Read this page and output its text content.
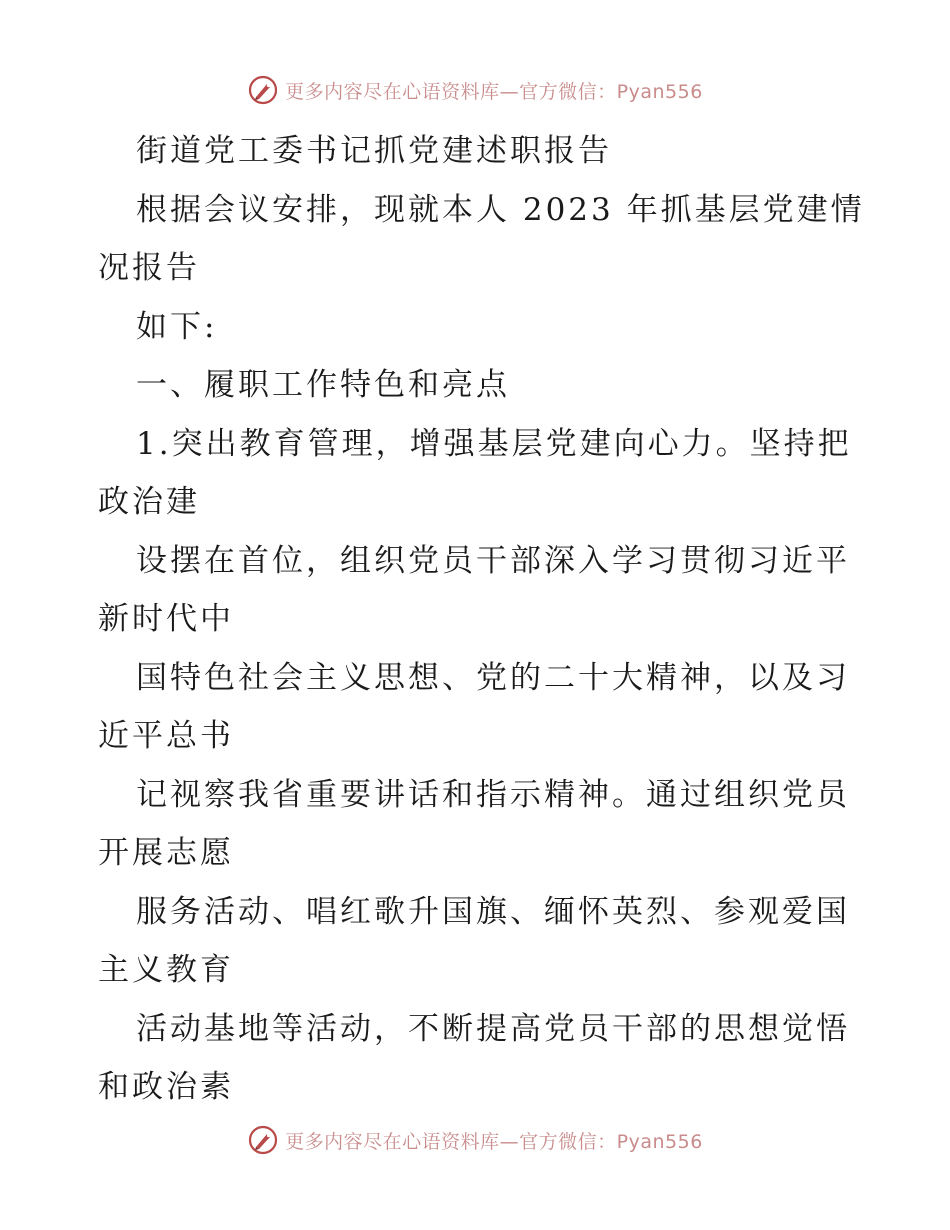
更多内容尽在心语资料库—官方微信：Pyan556

街道党工委书记抓党建述职报告

根据会议安排，现就本人 2023 年抓基层党建情

况报告

如下:

一、履职工作特色和亮点

1.突出教育管理，增强基层党建向心力。坚持把

政治建

设摆在首位，组织党员干部深入学习贯彻习近平

新时代中

国特色社会主义思想、党的二十大精神，以及习

近平总书

记视察我省重要讲话和指示精神。通过组织党员

开展志愿

服务活动、唱红歌升国旗、缅怀英烈、参观爱国

主义教育

活动基地等活动，不断提高党员干部的思想觉悟

和政治素

更多内容尽在心语资料库—官方微信：Pyan556
